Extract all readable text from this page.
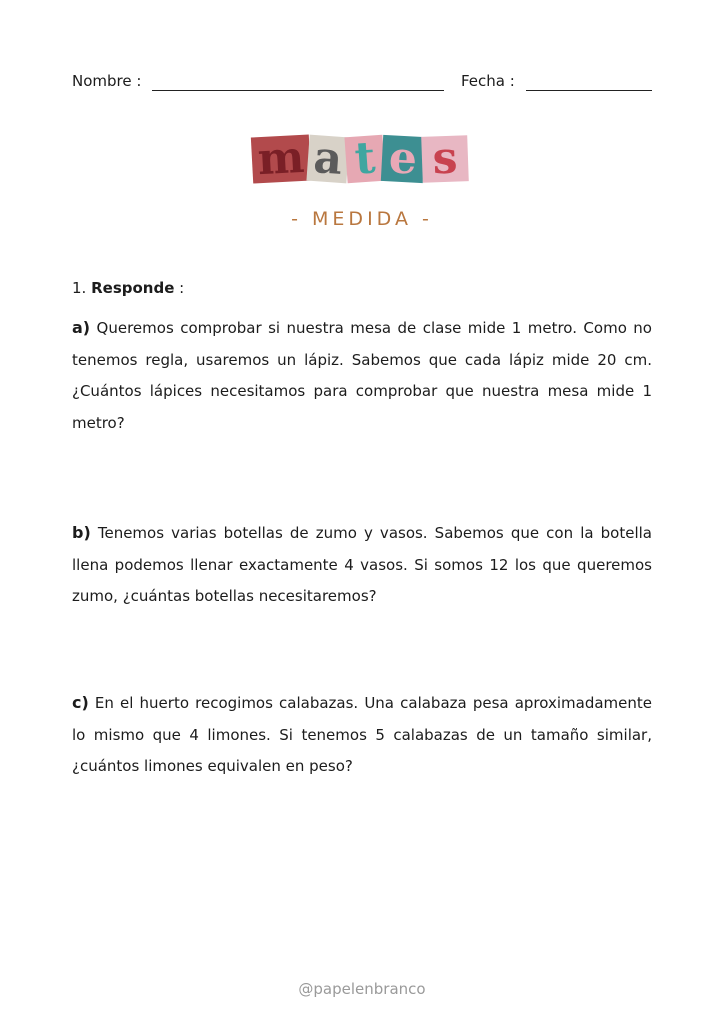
Nombre :	Fecha :
m a t e s
- MEDIDA -
1. Responde :
a) Queremos comprobar si nuestra mesa de clase mide 1 metro. Como no tenemos regla, usaremos un lápiz. Sabemos que cada lápiz mide 20 cm. ¿Cuántos lápices necesitamos para comprobar que nuestra mesa mide 1 metro?
b) Tenemos varias botellas de zumo y vasos. Sabemos que con la botella llena podemos llenar exactamente 4 vasos. Si somos 12 los que queremos zumo, ¿cuántas botellas necesitaremos?
c) En el huerto recogimos calabazas. Una calabaza pesa aproximadamente lo mismo que 4 limones. Si tenemos 5 calabazas de un tamaño similar, ¿cuántos limones equivalen en peso?
@papelenbranco
